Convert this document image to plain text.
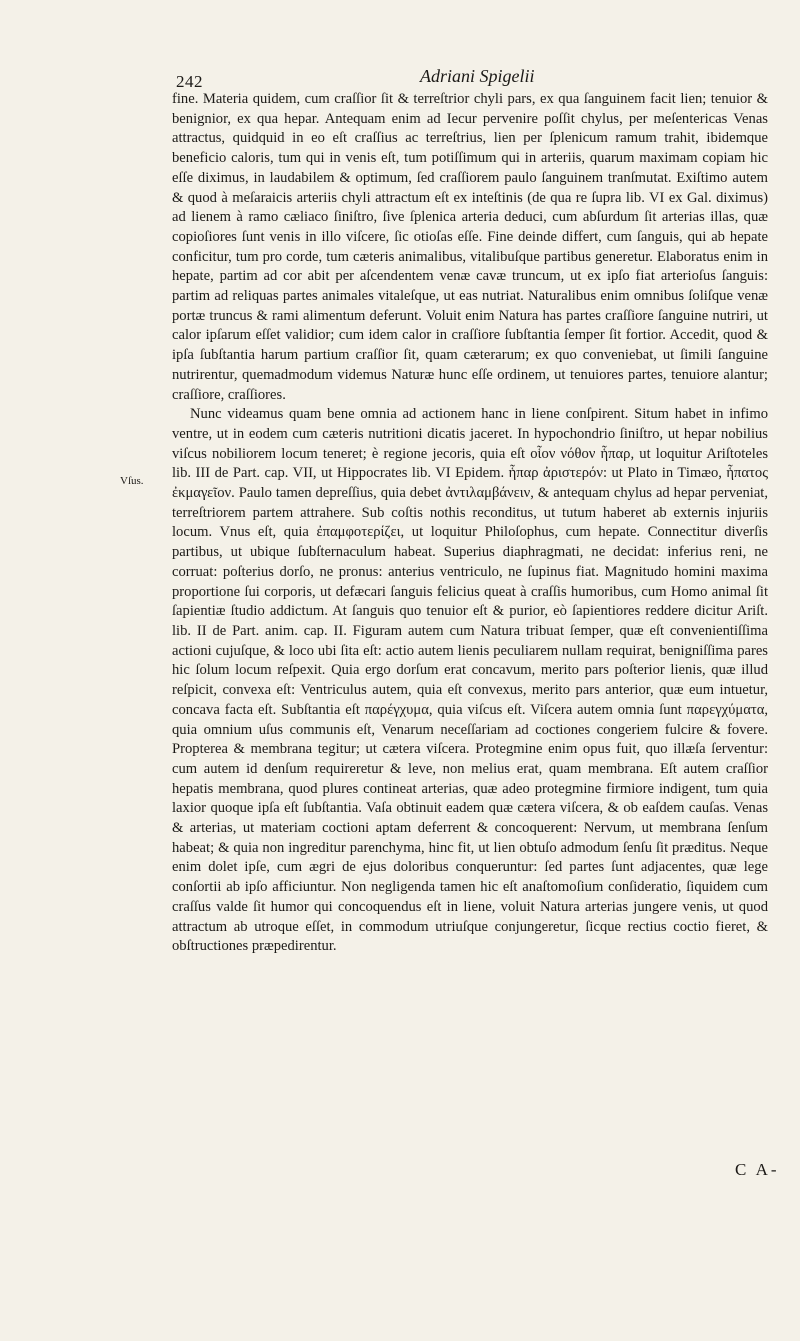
242	Adriani Spigelii
Vſus.

fine. Materia quidem, cum craſſior ſit & terreſtrior chyli pars, ex qua ſanguinem facit lien; tenuior & benignior, ex qua hepar. Antequam enim ad Iecur pervenire poſſit chylus, per meſentericas Venas attractus, quidquid in eo eſt craſſius ac terreſtrius, lien per ſplenicum ramum trahit, ibidemque beneficio caloris, tum qui in venis eſt, tum potiſſimum qui in arteriis, quarum maximam copiam hic eſſe diximus, in laudabilem & optimum, ſed craſſiorem paulo ſanguinem tranſmutat. Exiſtimo autem & quod à meſaraicis arteriis chyli attractum eſt ex inteſtinis (de qua re ſupra lib. VI ex Gal. diximus) ad lienem à ramo cæliaco ſiniſtro, ſive ſplenica arteria deduci, cum abſurdum ſit arterias illas, quæ copioſiores ſunt venis in illo viſcere, ſic otioſas eſſe. Fine deinde differt, cum ſanguis, qui ab hepate conficitur, tum pro corde, tum cæteris animalibus, vitalibuſque partibus generetur. Elaboratus enim in hepate, partim ad cor abit per aſcendentem venæ cavæ truncum, ut ex ipſo fiat arterioſus ſanguis: partim ad reliquas partes animales vitaleſque, ut eas nutriat. Naturalibus enim omnibus ſoliſque venæ portæ truncus & rami alimentum deferunt. Voluit enim Natura has partes craſſiore ſanguine nutriri, ut calor ipſarum eſſet validior; cum idem calor in craſſiore ſubſtantia ſemper ſit fortior. Accedit, quod & ipſa ſubſtantia harum partium craſſior ſit, quam cæterarum; ex quo conveniebat, ut ſimili ſanguine nutrirentur, quemadmodum videmus Naturæ hunc eſſe ordinem, ut tenuiores partes, tenuiore alantur; craſſiore, craſſiores.

Nunc videamus quam bene omnia ad actionem hanc in liene conſpirent. Situm habet in infimo ventre, ut in eodem cum cæteris nutritioni dicatis jaceret. In hypochondrio ſiniſtro, ut hepar nobilius viſcus nobiliorem locum teneret; è regione jecoris, quia eſt οἷον νόθον ἧπαρ, ut loquitur Ariſtoteles lib. III de Part. cap. VII, ut Hippocrates lib. VI Epidem. ἧπαρ ἀριστερόν: ut Plato in Timæo, ἧπατος ἐκμαγεῖον. Paulo tamen depreſſius, quia debet ἀντιλαμβάνειν, & antequam chylus ad hepar perveniat, terreſtriorem partem attrahere. Sub coſtis nothis reconditus, ut tutum haberet ab externis injuriis locum. Vnus eſt, quia ἐπαμφοτερίζει, ut loquitur Philoſophus, cum hepate. Connectitur diverſis partibus, ut ubique ſubſternaculum habeat. Superius diaphragmati, ne decidat: inferius reni, ne corruat: poſterius dorſo, ne pronus: anterius ventriculo, ne ſupinus fiat. Magnitudo homini maxima proportione ſui corporis, ut defæcari ſanguis felicius queat à craſſis humoribus, cum Homo animal ſit ſapientiæ ſtudio addictum. At ſanguis quo tenuior eſt & purior, eò ſapientiores reddere dicitur Ariſt. lib. II de Part. anim. cap. II. Figuram autem cum Natura tribuat ſemper, quæ eſt convenientiſſima actioni cujuſque, & loco ubi ſita eſt: actio autem lienis peculiarem nullam requirat, benigniſſima pares hic ſolum locum reſpexit. Quia ergo dorſum erat concavum, merito pars poſterior lienis, quæ illud reſpicit, convexa eſt: Ventriculus autem, quia eſt convexus, merito pars anterior, quæ eum intuetur, concava facta eſt. Subſtantia eſt παρέγχυμα, quia viſcus eſt. Viſcera autem omnia ſunt παρεγχύματα, quia omnium uſus communis eſt, Venarum neceſſariam ad coctiones congeriem fulcire & fovere. Propterea & membrana tegitur; ut cætera viſcera. Protegmine enim opus fuit, quo illæſa ſerventur: cum autem id denſum requireretur & leve, non melius erat, quam membrana. Eſt autem craſſior hepatis membrana, quod plures contineat arterias, quæ adeo protegmine firmiore indigent, tum quia laxior quoque ipſa eſt ſubſtantia. Vaſa obtinuit eadem quæ cætera viſcera, & ob eaſdem cauſas. Venas & arterias, ut materiam coctioni aptam deferrent & concoquerent: Nervum, ut membrana ſenſum habeat; & quia non ingreditur parenchyma, hinc fit, ut lien obtuſo admodum ſenſu ſit præditus. Neque enim dolet ipſe, cum ægri de ejus doloribus conqueruntur: ſed partes ſunt adjacentes, quæ lege conſortii ab ipſo afficiuntur. Non negligenda tamen hic eſt anaſtomoſium conſideratio, ſiquidem cum craſſus valde ſit humor qui concoquendus eſt in liene, voluit Natura arterias jungere venis, ut quod attractum ab utroque eſſet, in commodum utriuſque conjungeretur, ſicque rectius coctio fieret, & obſtructiones præpedirentur.

C A-
